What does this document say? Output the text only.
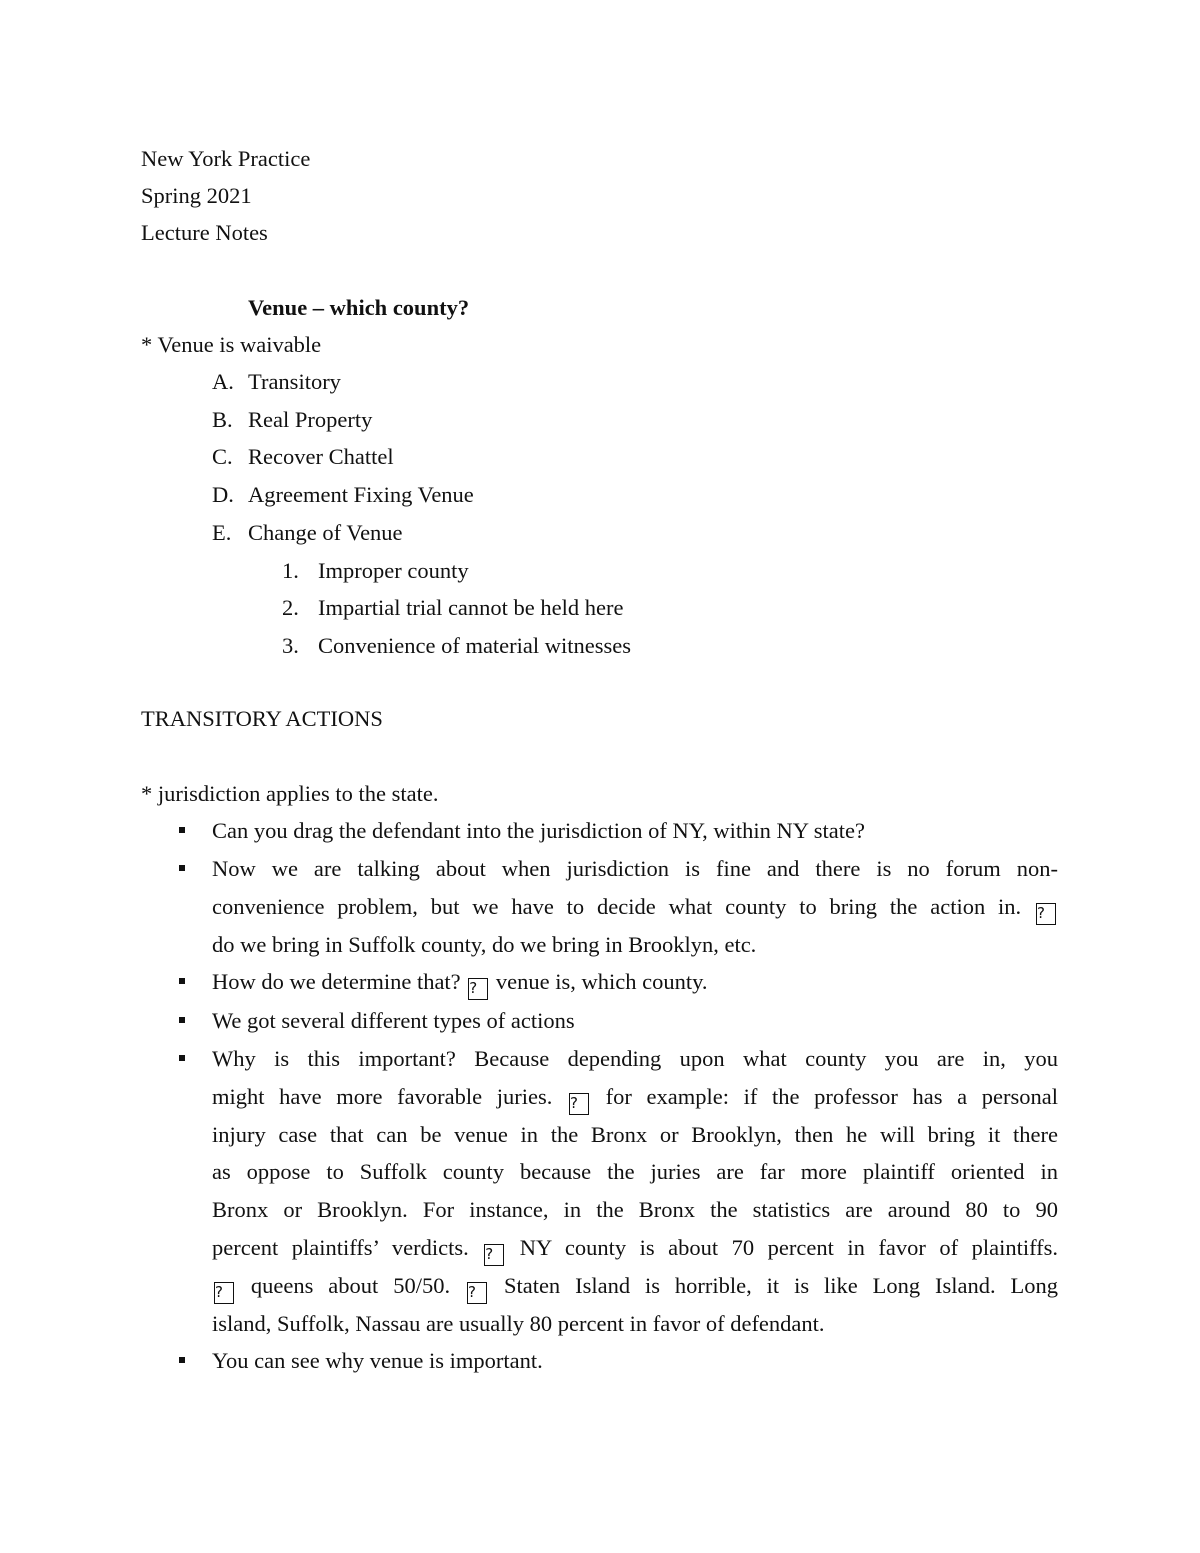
New York Practice
Spring 2021
Lecture Notes
Venue – which county?
* Venue is waivable
A. Transitory
B. Real Property
C. Recover Chattel
D. Agreement Fixing Venue
E. Change of Venue
1. Improper county
2. Impartial trial cannot be held here
3. Convenience of material witnesses
TRANSITORY ACTIONS
* jurisdiction applies to the state.
Can you drag the defendant into the jurisdiction of NY, within NY state?
Now we are talking about when jurisdiction is fine and there is no forum non-
convenience problem, but we have to decide what county to bring the action in. ?
do we bring in Suffolk county, do we bring in Brooklyn, etc.
How do we determine that? ? venue is, which county.
We got several different types of actions
Why is this important? Because depending upon what county you are in, you
might have more favorable juries. ? for example: if the professor has a personal
injury case that can be venue in the Bronx or Brooklyn, then he will bring it there
as oppose to Suffolk county because the juries are far more plaintiff oriented in
Bronx or Brooklyn. For instance, in the Bronx the statistics are around 80 to 90
percent plaintiffs’ verdicts. ? NY county is about 70 percent in favor of plaintiffs.
? queens about 50/50. ? Staten Island is horrible, it is like Long Island. Long
island, Suffolk, Nassau are usually 80 percent in favor of defendant.
You can see why venue is important.
